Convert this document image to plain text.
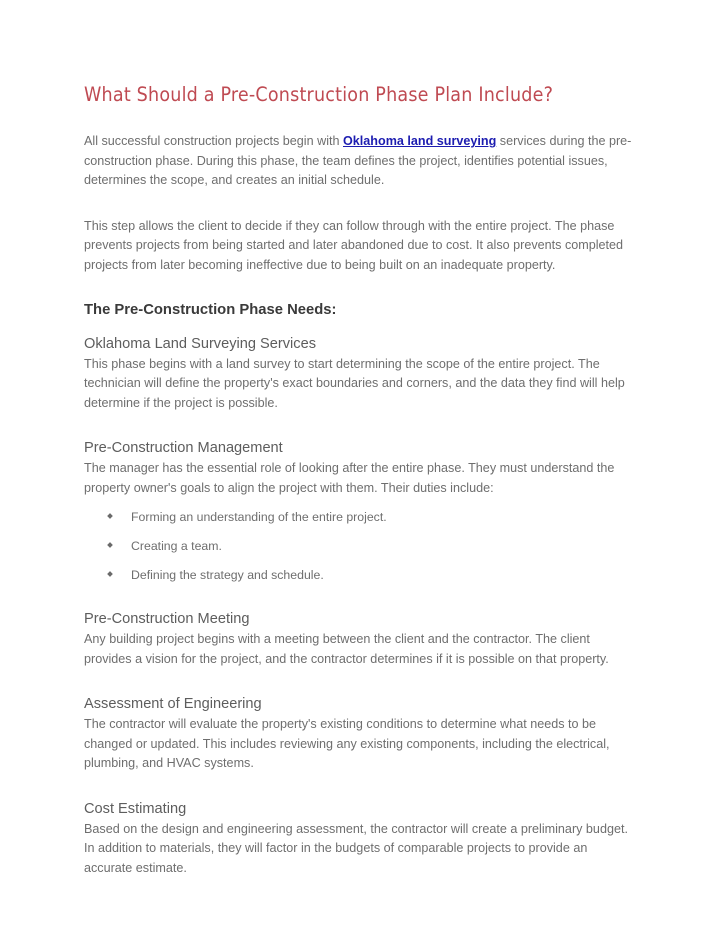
What Should a Pre-Construction Phase Plan Include?

All successful construction projects begin with Oklahoma land surveying services during the pre-construction phase. During this phase, the team defines the project, identifies potential issues, determines the scope, and creates an initial schedule.

This step allows the client to decide if they can follow through with the entire project. The phase prevents projects from being started and later abandoned due to cost. It also prevents completed projects from later becoming ineffective due to being built on an inadequate property.

The Pre-Construction Phase Needs:
Oklahoma Land Surveying Services

This phase begins with a land survey to start determining the scope of the entire project. The technician will define the property's exact boundaries and corners, and the data they find will help determine if the project is possible.

Pre-Construction Management

The manager has the essential role of looking after the entire phase. They must understand the property owner's goals to align the project with them. Their duties include:

Forming an understanding of the entire project.
Creating a team.
Defining the strategy and schedule.
Pre-Construction Meeting

Any building project begins with a meeting between the client and the contractor. The client provides a vision for the project, and the contractor determines if it is possible on that property.

Assessment of Engineering

The contractor will evaluate the property's existing conditions to determine what needs to be changed or updated. This includes reviewing any existing components, including the electrical, plumbing, and HVAC systems.

Cost Estimating

Based on the design and engineering assessment, the contractor will create a preliminary budget. In addition to materials, they will factor in the budgets of comparable projects to provide an accurate estimate.
